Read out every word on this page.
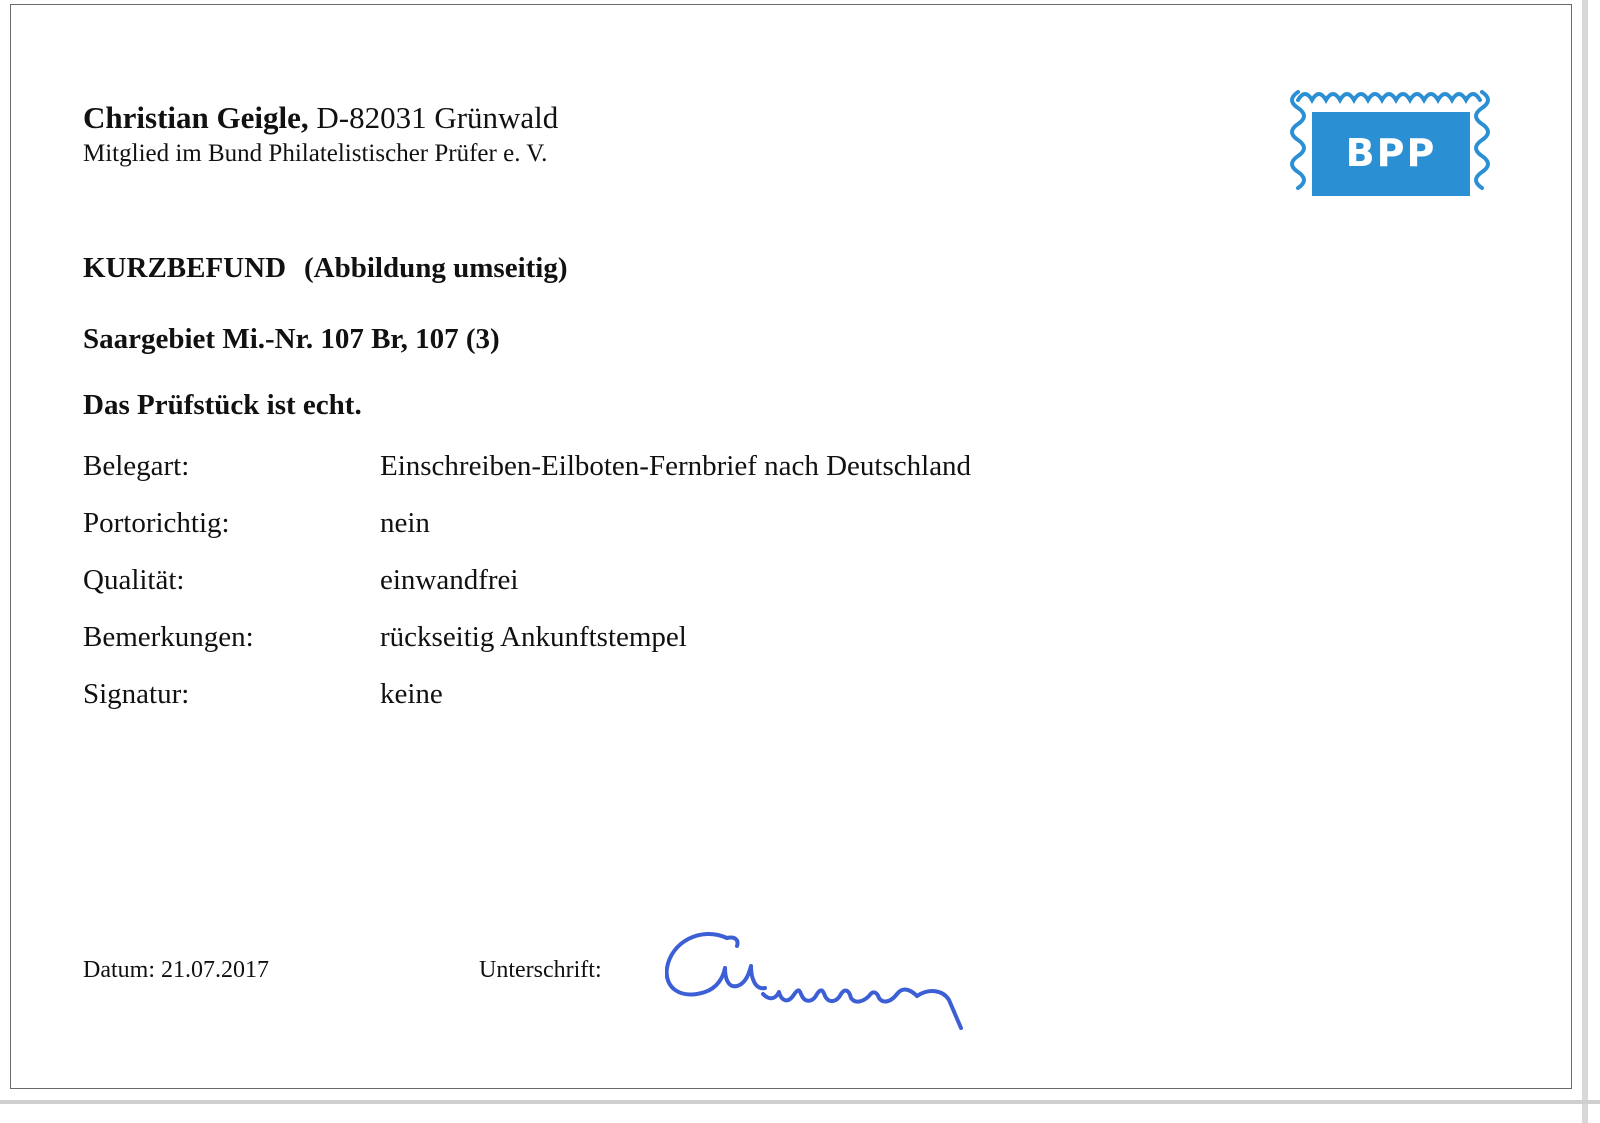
Christian Geigle, D-82031 Grünwald
Mitglied im Bund Philatelistischer Prüfer e. V.	BPP
KURZBEFUND (Abbildung umseitig)
Saargebiet Mi.-Nr. 107 Br, 107 (3)
Das Prüfstück ist echt.
Belegart:	Einschreiben-Eilboten-Fernbrief nach Deutschland
Portorichtig:	nein
Qualität:	einwandfrei
Bemerkungen:	rückseitig Ankunftstempel
Signatur:	keine
Datum: 21.07.2017	Unterschrift:
